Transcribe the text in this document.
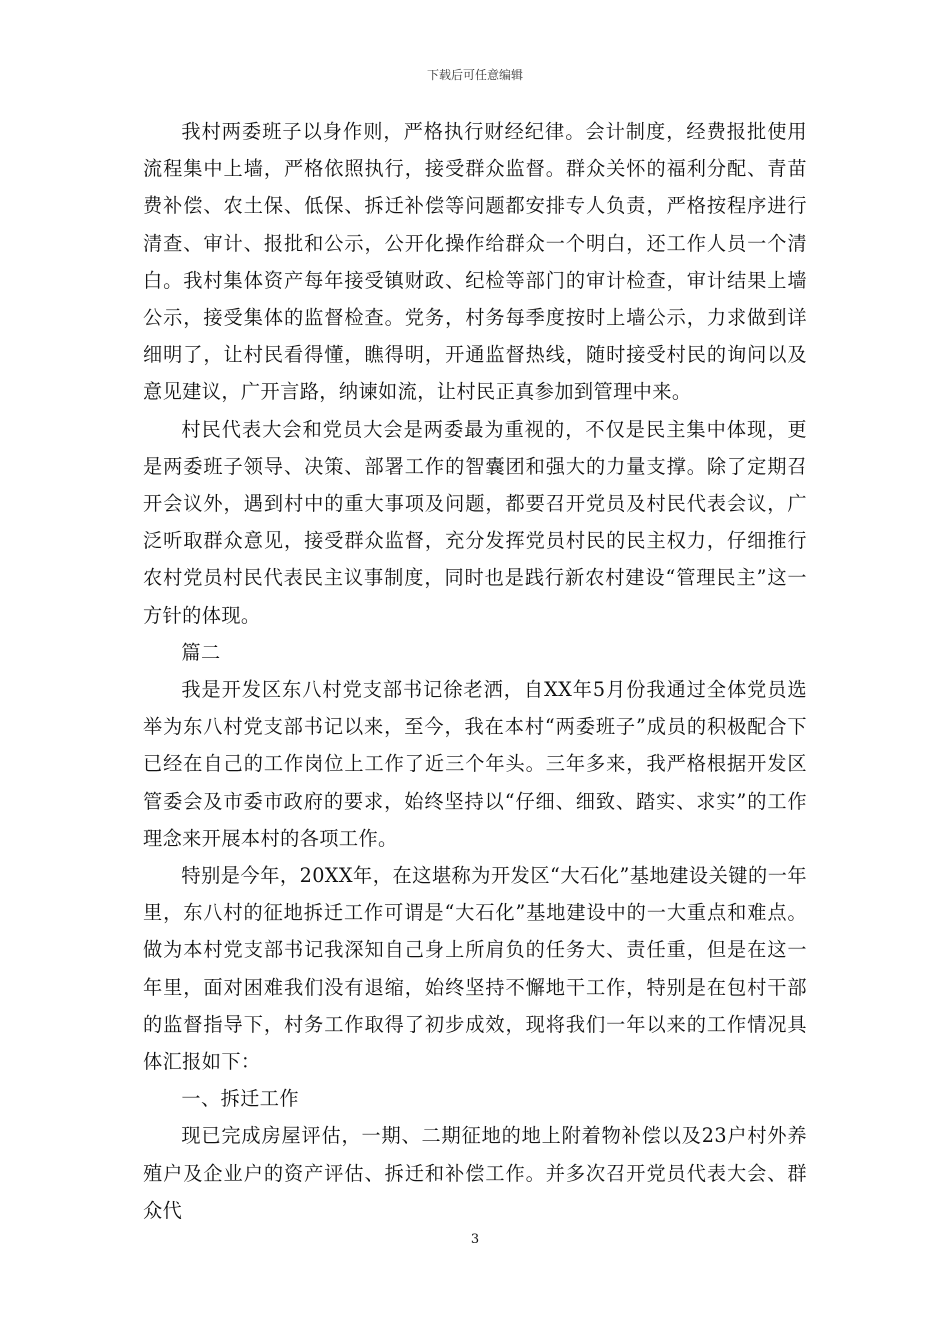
下载后可任意编辑

我村两委班子以身作则，严格执行财经纪律。会计制度，经费报批使用流程集中上墙，严格依照执行，接受群众监督。群众关怀的福利分配、青苗费补偿、农土保、低保、拆迁补偿等问题都安排专人负责，严格按程序进行清查、审计、报批和公示，公开化操作给群众一个明白，还工作人员一个清白。我村集体资产每年接受镇财政、纪检等部门的审计检查，审计结果上墙公示，接受集体的监督检查。党务，村务每季度按时上墙公示，力求做到详细明了，让村民看得懂，瞧得明，开通监督热线，随时接受村民的询问以及意见建议，广开言路，纳谏如流，让村民正真参加到管理中来。

村民代表大会和党员大会是两委最为重视的，不仅是民主集中体现，更是两委班子领导、决策、部署工作的智囊团和强大的力量支撑。除了定期召开会议外，遇到村中的重大事项及问题，都要召开党员及村民代表会议，广泛听取群众意见，接受群众监督，充分发挥党员村民的民主权力，仔细推行农村党员村民代表民主议事制度，同时也是践行新农村建设“管理民主”这一方针的体现。

篇二

我是开发区东八村党支部书记徐老洒，自XX年5月份我通过全体党员选举为东八村党支部书记以来，至今，我在本村“两委班子”成员的积极配合下已经在自己的工作岗位上工作了近三个年头。三年多来，我严格根据开发区管委会及市委市政府的要求，始终坚持以“仔细、细致、踏实、求实”的工作理念来开展本村的各项工作。

特别是今年，20XX年，在这堪称为开发区“大石化”基地建设关键的一年里，东八村的征地拆迁工作可谓是“大石化”基地建设中的一大重点和难点。做为本村党支部书记我深知自己身上所肩负的任务大、责任重，但是在这一年里，面对困难我们没有退缩，始终坚持不懈地干工作，特别是在包村干部的监督指导下，村务工作取得了初步成效，现将我们一年以来的工作情况具体汇报如下：

一、拆迁工作

现已完成房屋评估，一期、二期征地的地上附着物补偿以及23户村外养殖户及企业户的资产评估、拆迁和补偿工作。并多次召开党员代表大会、群众代

3
